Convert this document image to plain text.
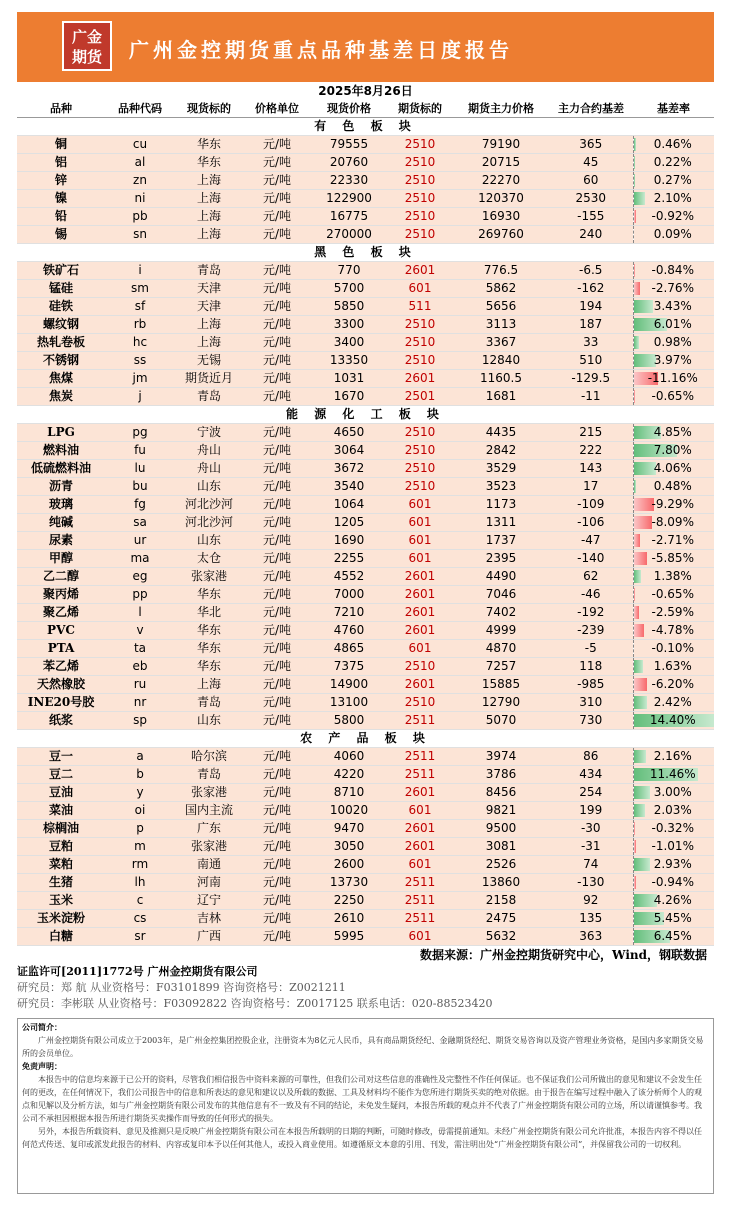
广金
期货	广州金控期货重点品种基差日度报告
2025年8月26日
品种	品种代码	现货标的	价格单位	现货价格	期货标的	期货主力价格	主力合约基差	基差率
有 色 板 块								
铜	cu	华东	元/吨	79555	2510	79190	365	0.46%

铝	al	华东	元/吨	20760	2510	20715	45	0.22%

锌	zn	上海	元/吨	22330	2510	22270	60	0.27%

镍	ni	上海	元/吨	122900	2510	120370	2530	2.10%

铅	pb	上海	元/吨	16775	2510	16930	-155	-0.92%

锡	sn	上海	元/吨	270000	2510	269760	240	0.09%

黑 色 板 块								
铁矿石	i	青岛	元/吨	770	2601	776.5	-6.5	-0.84%

锰硅	sm	天津	元/吨	5700	601	5862	-162	-2.76%

硅铁	sf	天津	元/吨	5850	511	5656	194	3.43%

螺纹钢	rb	上海	元/吨	3300	2510	3113	187	6.01%

热轧卷板	hc	上海	元/吨	3400	2510	3367	33	0.98%

不锈钢	ss	无锡	元/吨	13350	2510	12840	510	3.97%

焦煤	jm	期货近月	元/吨	1031	2601	1160.5	-129.5	-11.16%

焦炭	j	青岛	元/吨	1670	2501	1681	-11	-0.65%

能 源 化 工 板 块								
LPG	pg	宁波	元/吨	4650	2510	4435	215	4.85%

燃料油	fu	舟山	元/吨	3064	2510	2842	222	7.80%

低硫燃料油	lu	舟山	元/吨	3672	2510	3529	143	4.06%

沥青	bu	山东	元/吨	3540	2510	3523	17	0.48%

玻璃	fg	河北沙河	元/吨	1064	601	1173	-109	-9.29%

纯碱	sa	河北沙河	元/吨	1205	601	1311	-106	-8.09%

尿素	ur	山东	元/吨	1690	601	1737	-47	-2.71%

甲醇	ma	太仓	元/吨	2255	601	2395	-140	-5.85%

乙二醇	eg	张家港	元/吨	4552	2601	4490	62	1.38%

聚丙烯	pp	华东	元/吨	7000	2601	7046	-46	-0.65%

聚乙烯	l	华北	元/吨	7210	2601	7402	-192	-2.59%

PVC	v	华东	元/吨	4760	2601	4999	-239	-4.78%

PTA	ta	华东	元/吨	4865	601	4870	-5	-0.10%

苯乙烯	eb	华东	元/吨	7375	2510	7257	118	1.63%

天然橡胶	ru	上海	元/吨	14900	2601	15885	-985	-6.20%

INE20号胶	nr	青岛	元/吨	13100	2510	12790	310	2.42%

纸浆	sp	山东	元/吨	5800	2511	5070	730	14.40%

农 产 品 板 块								
豆一	a	哈尔滨	元/吨	4060	2511	3974	86	2.16%

豆二	b	青岛	元/吨	4220	2511	3786	434	11.46%

豆油	y	张家港	元/吨	8710	2601	8456	254	3.00%

菜油	oi	国内主流	元/吨	10020	601	9821	199	2.03%

棕榈油	p	广东	元/吨	9470	2601	9500	-30	-0.32%

豆粕	m	张家港	元/吨	3050	2601	3081	-31	-1.01%

菜粕	rm	南通	元/吨	2600	601	2526	74	2.93%

生猪	lh	河南	元/吨	13730	2511	13860	-130	-0.94%

玉米	c	辽宁	元/吨	2250	2511	2158	92	4.26%

玉米淀粉	cs	吉林	元/吨	2610	2511	2475	135	5.45%

白糖	sr	广西	元/吨	5995	601	5632	363	6.45%
数据来源：广州金控期货研究中心，Wind，钢联数据
证监许可[2011]1772号 广州金控期货有限公司
研究员：郑 航 从业资格号：F03101899 咨询资格号：Z0021211
研究员：李彬联 从业资格号：F03092822 咨询资格号：Z0017125 联系电话：020-88523420
公司简介：

广州金控期货有限公司成立于2003年，是广州金控集团控股企业，注册资本为8亿元人民币，具有商品期货经纪、金融期货经纪、期货交易咨询以及资产管理业务资格，是国内多家期货交易所的会员单位。

免责声明：

本报告中的信息均来源于已公开的资料，尽管我们相信报告中资料来源的可靠性，但我们公司对这些信息的准确性及完整性不作任何保证。也不保证我们公司所做出的意见和建议不会发生任何的更改，在任何情况下，我们公司报告中的信息和所表达的意见和建议以及所载的数据、工具及材料均不能作为您所进行期货买卖的绝对依据。由于报告在编写过程中融入了该分析师个人的观点和见解以及分析方法，如与广州金控期货有限公司发布的其他信息有不一致及有不同的结论，未免发生疑问，本报告所载的观点并不代表了广州金控期货有限公司的立场，所以请谨慎参考。我公司不承担因根据本报告所进行期货买卖操作而导致的任何形式的损失。

另外，本报告所载资料、意见及推测只是反映广州金控期货有限公司在本报告所载明的日期的判断，可随时修改，毋需提前通知。未经广州金控期货有限公司允许批准，本报告内容不得以任何范式传送、复印或派发此报告的材料、内容或复印本予以任何其他人，或投入商业使用。如遵循原文本意的引用、刊发，需注明出处“广州金控期货有限公司”，并保留我公司的一切权利。
